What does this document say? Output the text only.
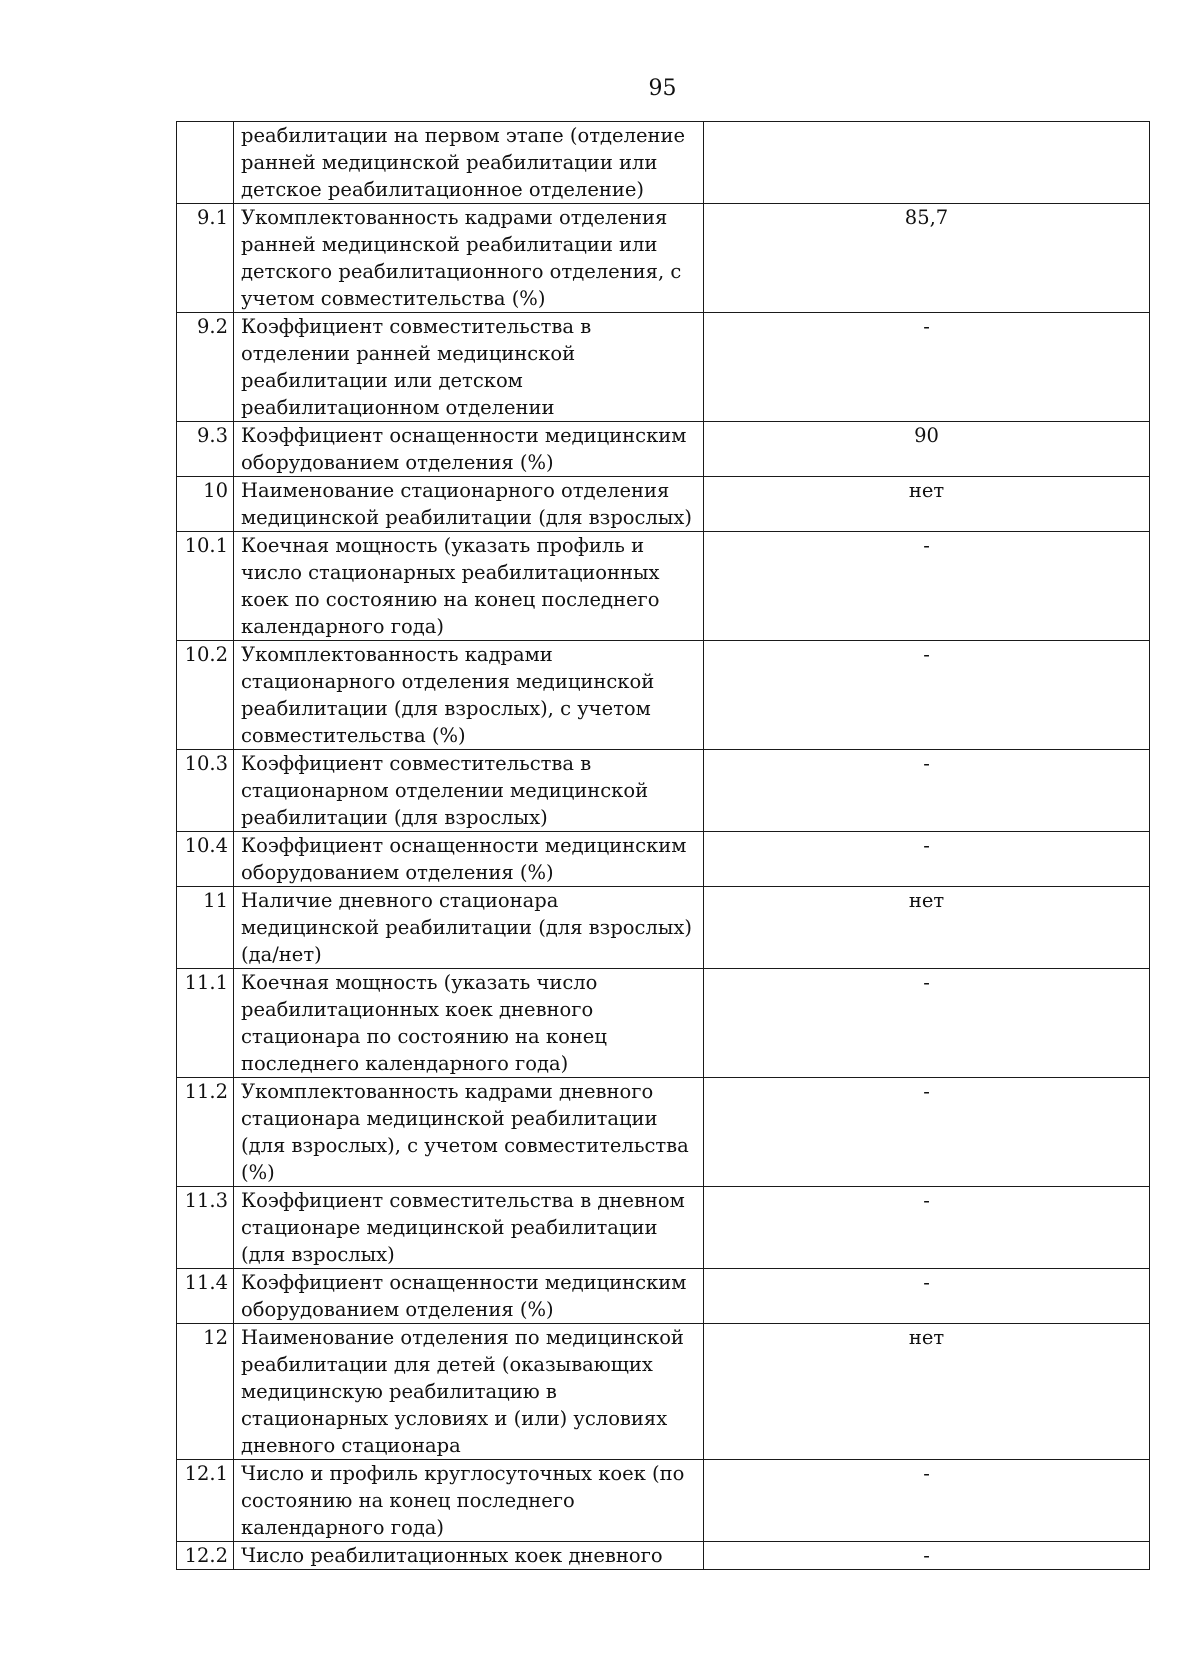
95
	реабилитации на первом этапе (отделение ранней медицинской реабилитации или детское реабилитационное отделение)	
9.1	Укомплектованность кадрами отделения ранней медицинской реабилитации или детского реабилитационного отделения, с учетом совместительства (%)	85,7
9.2	Коэффициент совместительства в отделении ранней медицинской реабилитации или детском реабилитационном отделении	-
9.3	Коэффициент оснащенности медицинским оборудованием отделения (%)	90
10	Наименование стационарного отделения медицинской реабилитации (для взрослых)	нет
10.1	Коечная мощность (указать профиль и число стационарных реабилитационных коек по состоянию на конец последнего календарного года)	-
10.2	Укомплектованность кадрами стационарного отделения медицинской реабилитации (для взрослых), с учетом совместительства (%)	-
10.3	Коэффициент совместительства в стационарном отделении медицинской реабилитации (для взрослых)	-
10.4	Коэффициент оснащенности медицинским оборудованием отделения (%)	-
11	Наличие дневного стационара медицинской реабилитации (для взрослых) (да/нет)	нет
11.1	Коечная мощность (указать число реабилитационных коек дневного стационара по состоянию на конец последнего календарного года)	-
11.2	Укомплектованность кадрами дневного стационара медицинской реабилитации (для взрослых), с учетом совместительства (%)	-
11.3	Коэффициент совместительства в дневном стационаре медицинской реабилитации (для взрослых)	-
11.4	Коэффициент оснащенности медицинским оборудованием отделения (%)	-
12	Наименование отделения по медицинской реабилитации для детей (оказывающих медицинскую реабилитацию в стационарных условиях и (или) условиях дневного стационара	нет
12.1	Число и профиль круглосуточных коек (по состоянию на конец последнего календарного года)	-
12.2	Число реабилитационных коек дневного	-
